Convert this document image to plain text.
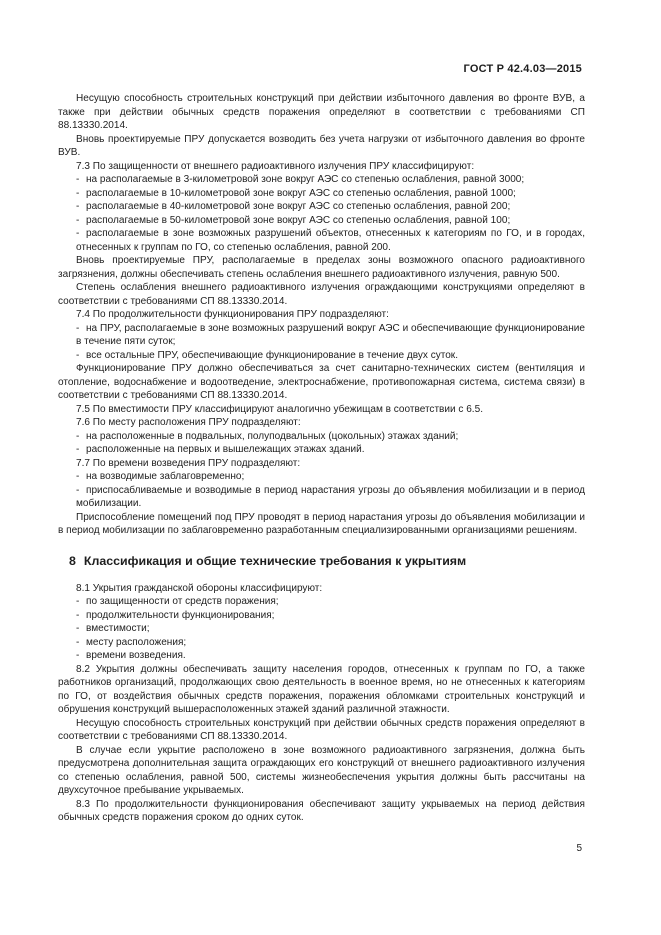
ГОСТ Р 42.4.03—2015

Несущую способность строительных конструкций при действии избыточного давления во фронте ВУВ, а также при действии обычных средств поражения определяют в соответствии с требованиями СП 88.13330.2014.

Вновь проектируемые ПРУ допускается возводить без учета нагрузки от избыточного давления во фронте ВУВ.

7.3 По защищенности от внешнего радиоактивного излучения ПРУ классифицируют:

- на располагаемые в 3-километровой зоне вокруг АЭС со степенью ослабления, равной 3000;

- располагаемые в 10-километровой зоне вокруг АЭС со степенью ослабления, равной 1000;

- располагаемые в 40-километровой зоне вокруг АЭС со степенью ослабления, равной 200;

- располагаемые в 50-километровой зоне вокруг АЭС со степенью ослабления, равной 100;

- располагаемые в зоне возможных разрушений объектов, отнесенных к категориям по ГО, и в городах, отнесенных к группам по ГО, со степенью ослабления, равной 200.

Вновь проектируемые ПРУ, располагаемые в пределах зоны возможного опасного радиоактивного загрязнения, должны обеспечивать степень ослабления внешнего радиоактивного излучения, равную 500.

Степень ослабления внешнего радиоактивного излучения ограждающими конструкциями определяют в соответствии с требованиями СП 88.13330.2014.

7.4 По продолжительности функционирования ПРУ подразделяют:

- на ПРУ, располагаемые в зоне возможных разрушений вокруг АЭС и обеспечивающие функционирование в течение пяти суток;

- все остальные ПРУ, обеспечивающие функционирование в течение двух суток.

Функционирование ПРУ должно обеспечиваться за счет санитарно-технических систем (вентиляция и отопление, водоснабжение и водоотведение, электроснабжение, противопожарная система, система связи) в соответствии с требованиями СП 88.13330.2014.

7.5 По вместимости ПРУ классифицируют аналогично убежищам в соответствии с 6.5.

7.6 По месту расположения ПРУ подразделяют:

- на расположенные в подвальных, полуподвальных (цокольных) этажах зданий;

- расположенные на первых и вышележащих этажах зданий.

7.7 По времени возведения ПРУ подразделяют:

- на возводимые заблаговременно;

- приспосабливаемые и возводимые в период нарастания угрозы до объявления мобилизации и в период мобилизации.

Приспособление помещений под ПРУ проводят в период нарастания угрозы до объявления мобилизации и в период мобилизации по заблаговременно разработанным специализированными организациями решениям.

8 Классификация и общие технические требования к укрытиям

8.1 Укрытия гражданской обороны классифицируют:

- по защищенности от средств поражения;

- продолжительности функционирования;

- вместимости;

- месту расположения;

- времени возведения.

8.2 Укрытия должны обеспечивать защиту населения городов, отнесенных к группам по ГО, а также работников организаций, продолжающих свою деятельность в военное время, но не отнесенных к категориям по ГО, от воздействия обычных средств поражения, поражения обломками строительных конструкций и обрушения конструкций вышерасположенных этажей зданий различной этажности.

Несущую способность строительных конструкций при действии обычных средств поражения определяют в соответствии с требованиями СП 88.13330.2014.

В случае если укрытие расположено в зоне возможного радиоактивного загрязнения, должна быть предусмотрена дополнительная защита ограждающих его конструкций от внешнего радиоактивного излучения со степенью ослабления, равной 500, системы жизнеобеспечения укрытия должны быть рассчитаны на двухсуточное пребывание укрываемых.

8.3 По продолжительности функционирования обеспечивают защиту укрываемых на период действия обычных средств поражения сроком до одних суток.

5
